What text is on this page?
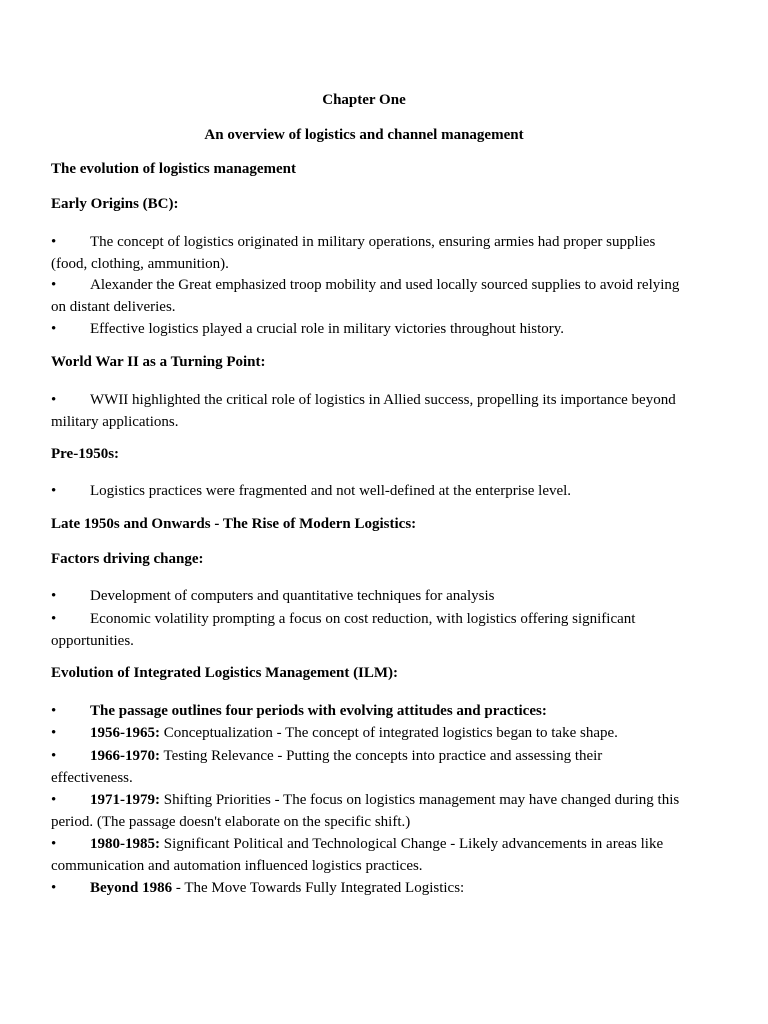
Chapter One
An overview of logistics and channel management
The evolution of logistics management
Early Origins (BC):
• The concept of logistics originated in military operations, ensuring armies had proper supplies (food, clothing, ammunition).
• Alexander the Great emphasized troop mobility and used locally sourced supplies to avoid relying on distant deliveries.
• Effective logistics played a crucial role in military victories throughout history.
World War II as a Turning Point:
• WWII highlighted the critical role of logistics in Allied success, propelling its importance beyond military applications.
Pre-1950s:
• Logistics practices were fragmented and not well-defined at the enterprise level.
Late 1950s and Onwards - The Rise of Modern Logistics:
Factors driving change:
• Development of computers and quantitative techniques for analysis
• Economic volatility prompting a focus on cost reduction, with logistics offering significant opportunities.
Evolution of Integrated Logistics Management (ILM):
• The passage outlines four periods with evolving attitudes and practices:
• 1956-1965: Conceptualization - The concept of integrated logistics began to take shape.
• 1966-1970: Testing Relevance - Putting the concepts into practice and assessing their effectiveness.
• 1971-1979: Shifting Priorities - The focus on logistics management may have changed during this period. (The passage doesn't elaborate on the specific shift.)
• 1980-1985: Significant Political and Technological Change - Likely advancements in areas like communication and automation influenced logistics practices.
• Beyond 1986 - The Move Towards Fully Integrated Logistics:
